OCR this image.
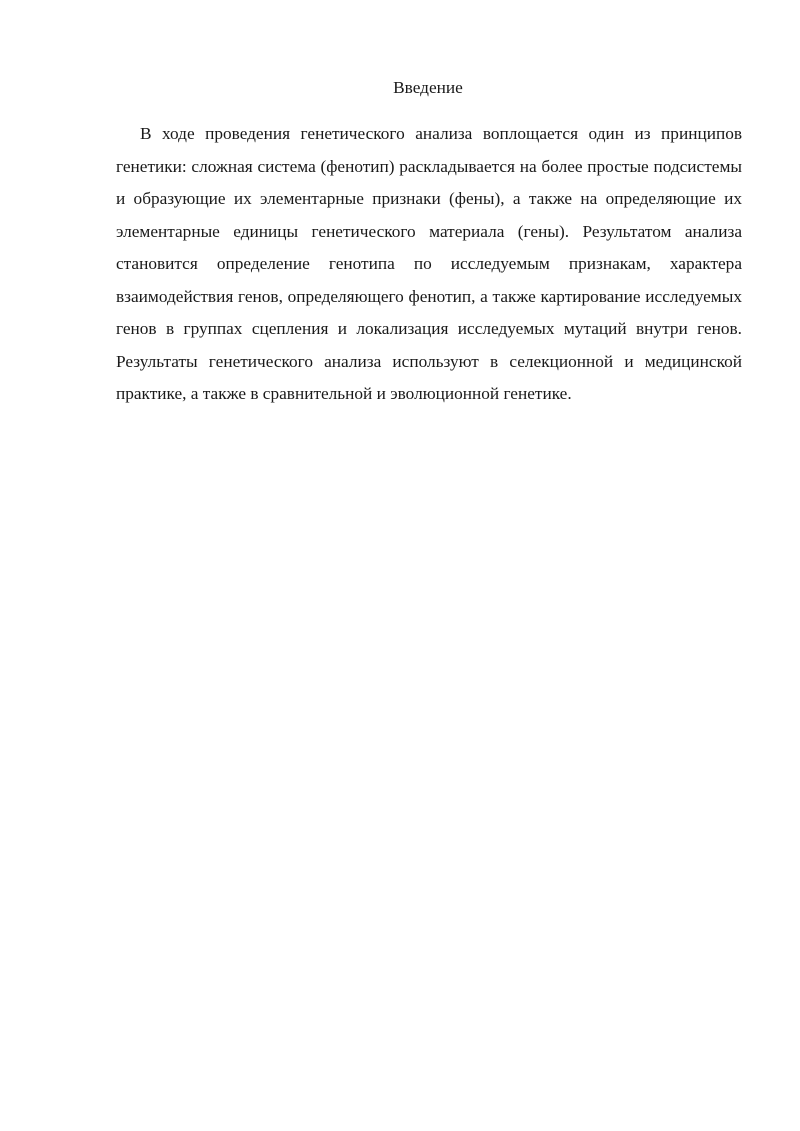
Введение

В ходе проведения генетического анализа воплощается один из принципов генетики: сложная система (фенотип) раскладывается на более простые подсистемы и образующие их элементарные признаки (фены), а также на определяющие их элементарные единицы генетического материала (гены). Результатом анализа становится определение генотипа по исследуемым признакам, характера взаимодействия генов, определяющего фенотип, а также картирование исследуемых генов в группах сцепления и локализация исследуемых мутаций внутри генов. Результаты генетического анализа используют в селекционной и медицинской практике, а также в сравнительной и эволюционной генетике.
